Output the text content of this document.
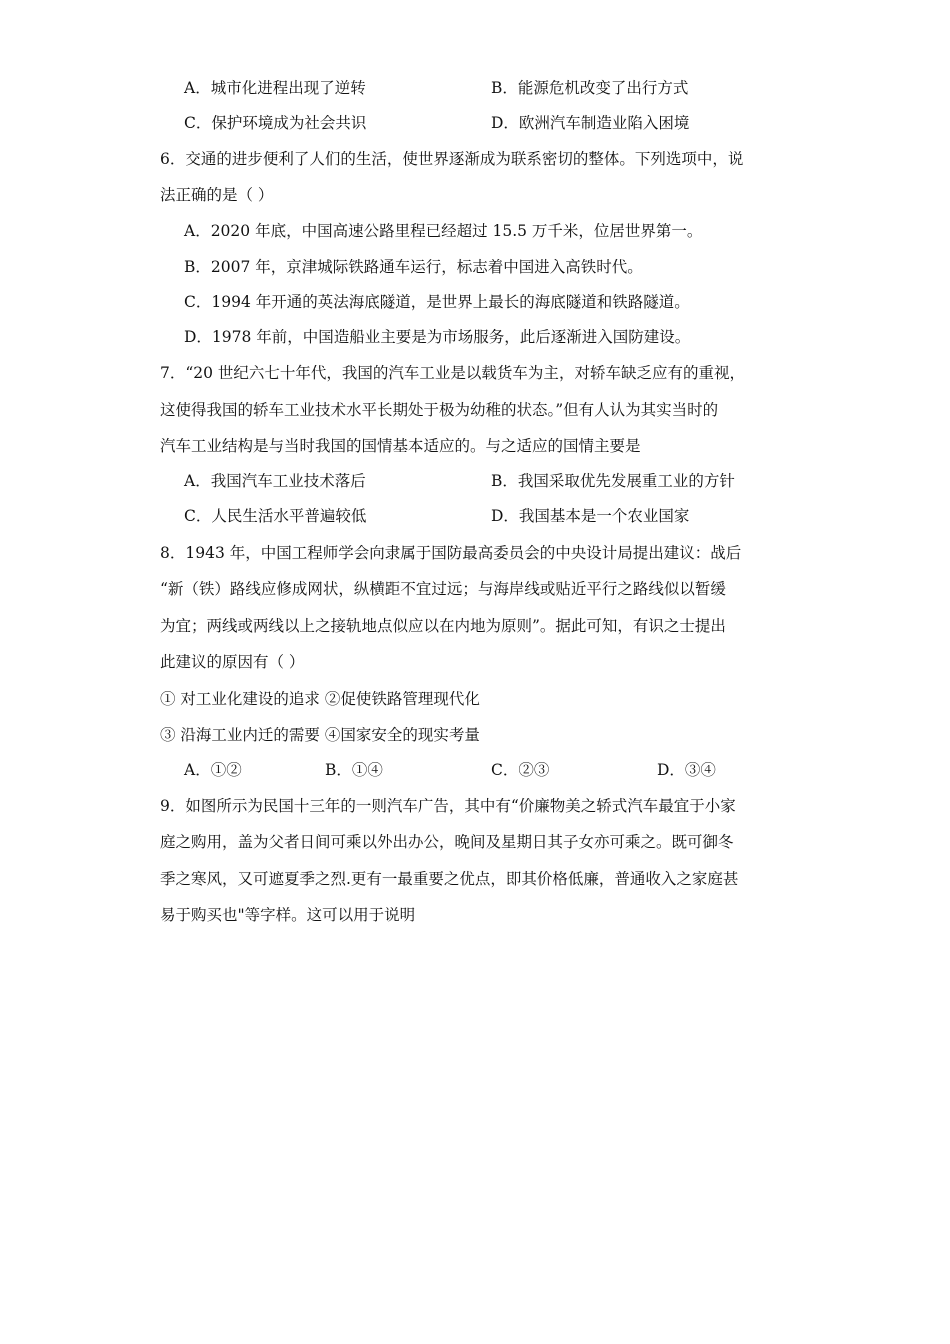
A．城市化进程出现了逆转	B．能源危机改变了出行方式
C．保护环境成为社会共识	D．欧洲汽车制造业陷入困境
6．交通的进步便利了人们的生活，使世界逐渐成为联系密切的整体。下列选项中，说
法正确的是（ ）
A．2020 年底，中国高速公路里程已经超过 15.5 万千米，位居世界第一。
B．2007 年，京津城际铁路通车运行，标志着中国进入高铁时代。
C．1994 年开通的英法海底隧道，是世界上最长的海底隧道和铁路隧道。
D．1978 年前，中国造船业主要是为市场服务，此后逐渐进入国防建设。
7．“20 世纪六七十年代，我国的汽车工业是以载货车为主，对轿车缺乏应有的重视，
这使得我国的轿车工业技术水平长期处于极为幼稚的状态。”但有人认为其实当时的
汽车工业结构是与当时我国的国情基本适应的。与之适应的国情主要是
A．我国汽车工业技术落后	B．我国采取优先发展重工业的方针
C．人民生活水平普遍较低	D．我国基本是一个农业国家
8．1943 年，中国工程师学会向隶属于国防最高委员会的中央设计局提出建议：战后
“新（铁）路线应修成网状，纵横距不宜过远；与海岸线或贴近平行之路线似以暂缓
为宜；两线或两线以上之接轨地点似应以在内地为原则”。据此可知，有识之士提出
此建议的原因有（ ）
① 对工业化建设的追求 ②促使铁路管理现代化
③ 沿海工业内迁的需要 ④国家安全的现实考量
A．①②	B．①④	C．②③	D．③④
9．如图所示为民国十三年的一则汽车广告，其中有“价廉物美之轿式汽车最宜于小家
庭之购用，盖为父者日间可乘以外出办公，晚间及星期日其子女亦可乘之。既可御冬
季之寒风，又可遮夏季之烈.更有一最重要之优点，即其价格低廉，普通收入之家庭甚
易于购买也"等字样。这可以用于说明
